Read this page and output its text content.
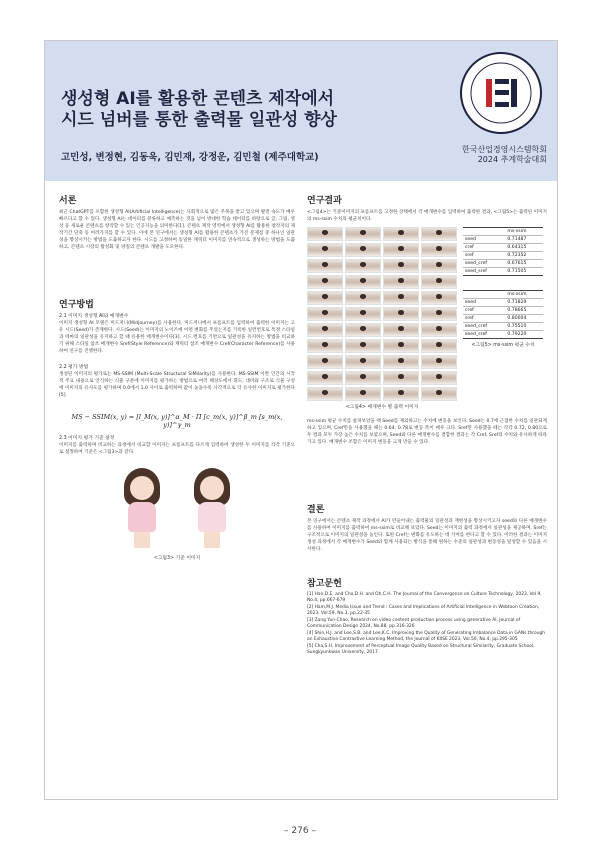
생성형 AI를 활용한 콘텐츠 제작에서
시드 넘버를 통한 출력물 일관성 향상
고민성, 변정현, 김동욱, 김민재, 강정운, 김민철 (제주대학교)
한국산업경영시스템학회
2024 추계학술대회
서론
최근 ChatGPT를 포함한 생성형 AI(Artificial Intelligence)는 사회적으로 많은 주목을 받고 있으며 발전 속도가 매우 빠르다고 할 수 있다. 생성형 AI는 데이터를 분류하고 예측하는 것을 넘어 방대한 학습 데이터를 바탕으로 글, 그림, 영상 등 새로운 콘텐츠를 창작할 수 있는 인공지능을 의미한다[1]. 콘텐츠 제작 영역에서 생성형 AI를 활용한 창작자의 제작기간 단축 등 여러가지를 할 수 있다. 이에 본 연구에서는 생성형 AI를 활용한 콘텐츠가 가진 문제점 중 하나인 일관성을 향상시키는 방법을 도출하고자 한다. 시드를 고정하여 동일한 캐릭터 이미지를 연속적으로 생성하는 방법을 도출하고, 콘텐츠 시장의 활성화 및 양질의 콘텐츠 개발을 도모한다.
연구방법
2.1 이미지 생성형 AI와 매개변수
이미지 생성형 AI 모델은 미드저니(Midjourney)를 사용한다. 미드저니에서 프롬프트를 입력하여 출력한 이미지는 고유 시드(Seed)가 존재한다. 시드(Seed)는 이미지의 노이즈에 어떤 변화를 주었는지를 기록한 일련번호로 특정 스타일과 테마의 일관성을 유지하고 할 때 유용한 매개변수이다[3]. 시드 번호를 기반으로 일관성을 유지하는 방법을 비교하기 위해 스타일 참조 매개변수 Sref(Style Reference)와 캐릭터 참조 매개변수 Cref(Character Reference)를 사용하여 연구를 진행한다.
2.2 평가 방법
생성된 이미지의 평가로는 MS-SSIM (Multi-Scale Structural SIMilarity)를 사용한다. MS-SSIM 이란 인간의 시각적 주요 내용으로 인식하는 식물 구분에 이미지를 평가하는 방법으로 여러 해상도에서 휘도, 대비와 구조로 식물 구성에 이미지의 유사도를 평가하며 0.0에서 1.0 사이로 출력하며 값이 높을수록 사각적으로 더 유사한 이미지로 평가한다[5].
MS − SSIM(x, y) = [l_M(x, y)]^α_M · Π [c_m(x, y)]^β_m [s_m(x, y)]^γ_m
2.3 이미지 평가 기준 설정
이미지를 출력하며 비교하는 과정에서 비교할 이미지는 프롬프트를 다르게 입력하여 생성한 두 이미지를 각각 기준으로 설정하여 기준은 <그림3>과 같다.
<그림3> 기준 이미지
연구결과
<그림4>는 기준이미지의 프롬프트를 고정한 상태에서 각 매개변수를 입력하여 출력한 결과, <그림5>는 출력된 이미지의 ms-ssim 수치의 평균치이다.
<그림4> 매개변수 별 출력 이미지
	ms-ssim
seed	0.71487
cref	0.64315
sref	0.72352
seed_cref	0.67615
seed_sref	0.71505
	ms-ssim
seed	0.71829
cref	0.78665
sref	0.80004
seed_cref	0.75510
seed_sref	0.79220
<그림5> ms-ssim 평균 수치
ms-ssim 평균 수치를 살펴보았을 때 Seed를 제외하고는 수치에 변동을 보인다. Seed는 0.7에 근접한 수치를 일관되게 하고 있으며, Cref만을 사용했을 때는 0.64, 0.78로 변동 폭이 매우 크다. Sref만 사용했을 때는 각각 0.72, 0.80으로 두 결과 모두 가장 높은 수치를 보였으며, Seed와 다른 매개변수를 결합한 결과는 각 Cref, Sref의 수치와 유사하게 따라가고 있다. 매개변수 조합은 이미지 변동을 크게 만들 수 있다.
결론
본 연구에서는 콘텐츠 제작 과정에서 AI가 만들어내는 출력물의 일관성과 재현성을 향상시키고자 seed와 다른 매개변수를 사용하여 이미지를 출력하여 ms-ssim로 비교해 보았다. Seed는 이미지의 출력 과정에서 일관성을 제공하며, Sref는 구조적으로 이미지의 일관성을 높인다. 또한 Cref는 변화를 유도하는 데 기여를 한다고 할 수 있다. 이러한 결과는 이미지 생성 과정에서 각 매개변수가 Seed와 함께 사용되는 방식을 통해 원하는 수준의 일관성과 변동성을 달성할 수 있음을 시사한다.
참고문헌
[1] Han,D.E. and Cho,D.H. and Oh,C.H. The Journal of the Convergence on Culture Technology, 2023, Vol.9, No.4, pp.667-679
[2] Ham,M.J. Media Issue and Trend : Cases and Implications of Artificial Intelligence in Webtoon Creation, 2023, Vol.59, No.3, pp.22-35
[3] Zang Yun-Chao, Research on video content production process using generative AI, Journal of Communication Design 2024, No.88, pp.316-326
[4] Shin,H.J. and Lee,S.B. and Lee,K.C. Improving the Quality of Generating Imbalance Data in GANs through an Exhaustive Contrastive Learning Method, the Journal of KIISE 2023, Vol.50, No.4, pp.295-305
[5] Cha,S.H. Improvement of Perceptual Image Quality Based on Structural Similarity, Graduate School, Sungkyunkwan University, 2017
– 276 –
